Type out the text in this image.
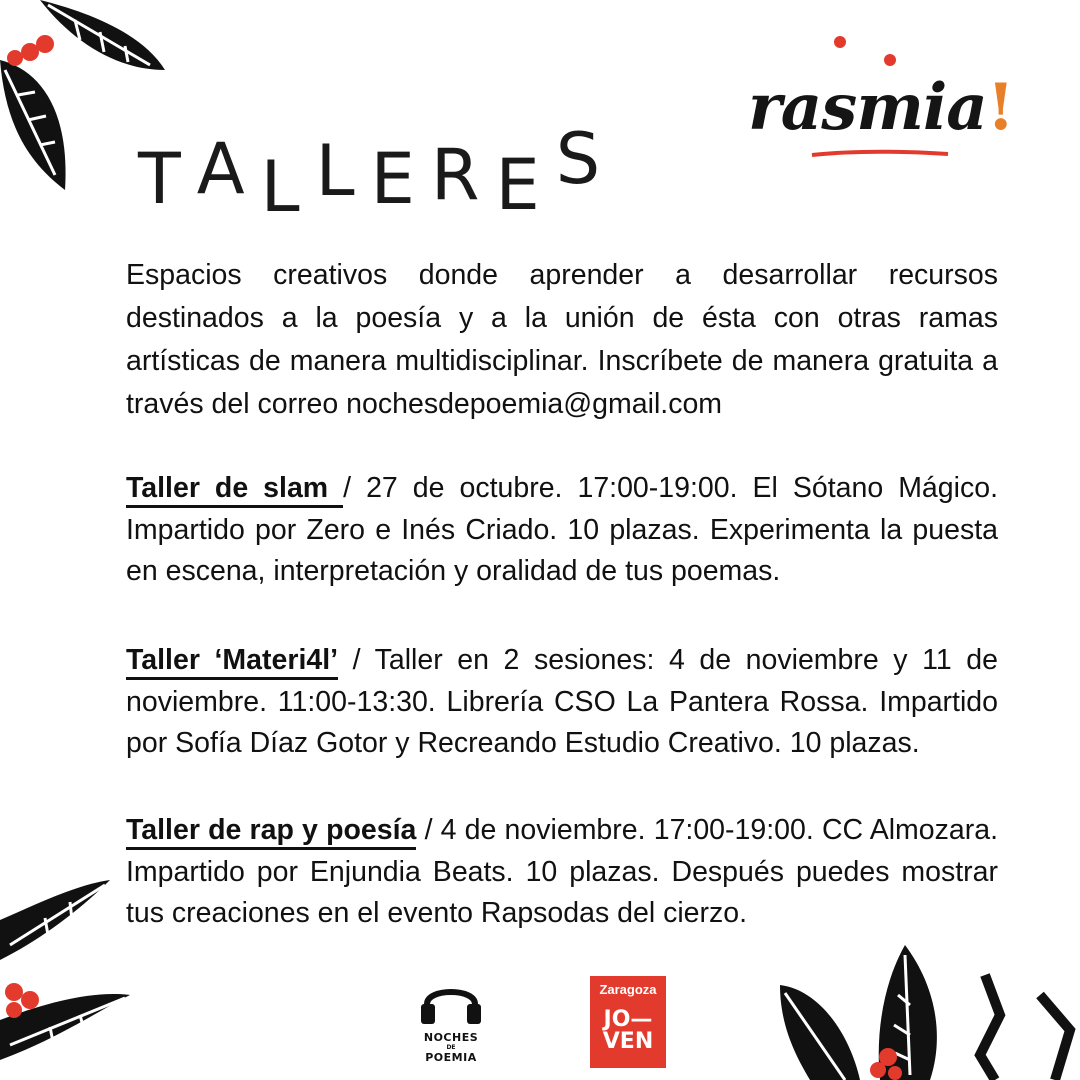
T A L L E R E S
rasmia!
Espacios creativos donde aprender a desarrollar recursos destinados a la poesía y a la unión de ésta con otras ramas artísticas de manera multidisciplinar. Inscríbete de manera gratuita a través del correo nochesdepoemia@gmail.com
Taller de slam / 27 de octubre. 17:00-19:00. El Sótano Mágico. Impartido por Zero e Inés Criado. 10 plazas. Experimenta la puesta en escena, interpretación y oralidad de tus poemas.
Taller ‘Materi4l’ / Taller en 2 sesiones: 4 de noviembre y 11 de noviembre. 11:00-13:30. Librería CSO La Pantera Rossa. Impartido por Sofía Díaz Gotor y Recreando Estudio Creativo. 10 plazas.
Taller de rap y poesía / 4 de noviembre. 17:00-19:00. CC Almozara. Impartido por Enjundia Beats. 10 plazas. Después puedes mostrar tus creaciones en el evento Rapsodas del cierzo.
NOCHES
DE
POEMIA
Zaragoza
JO—
VEN
